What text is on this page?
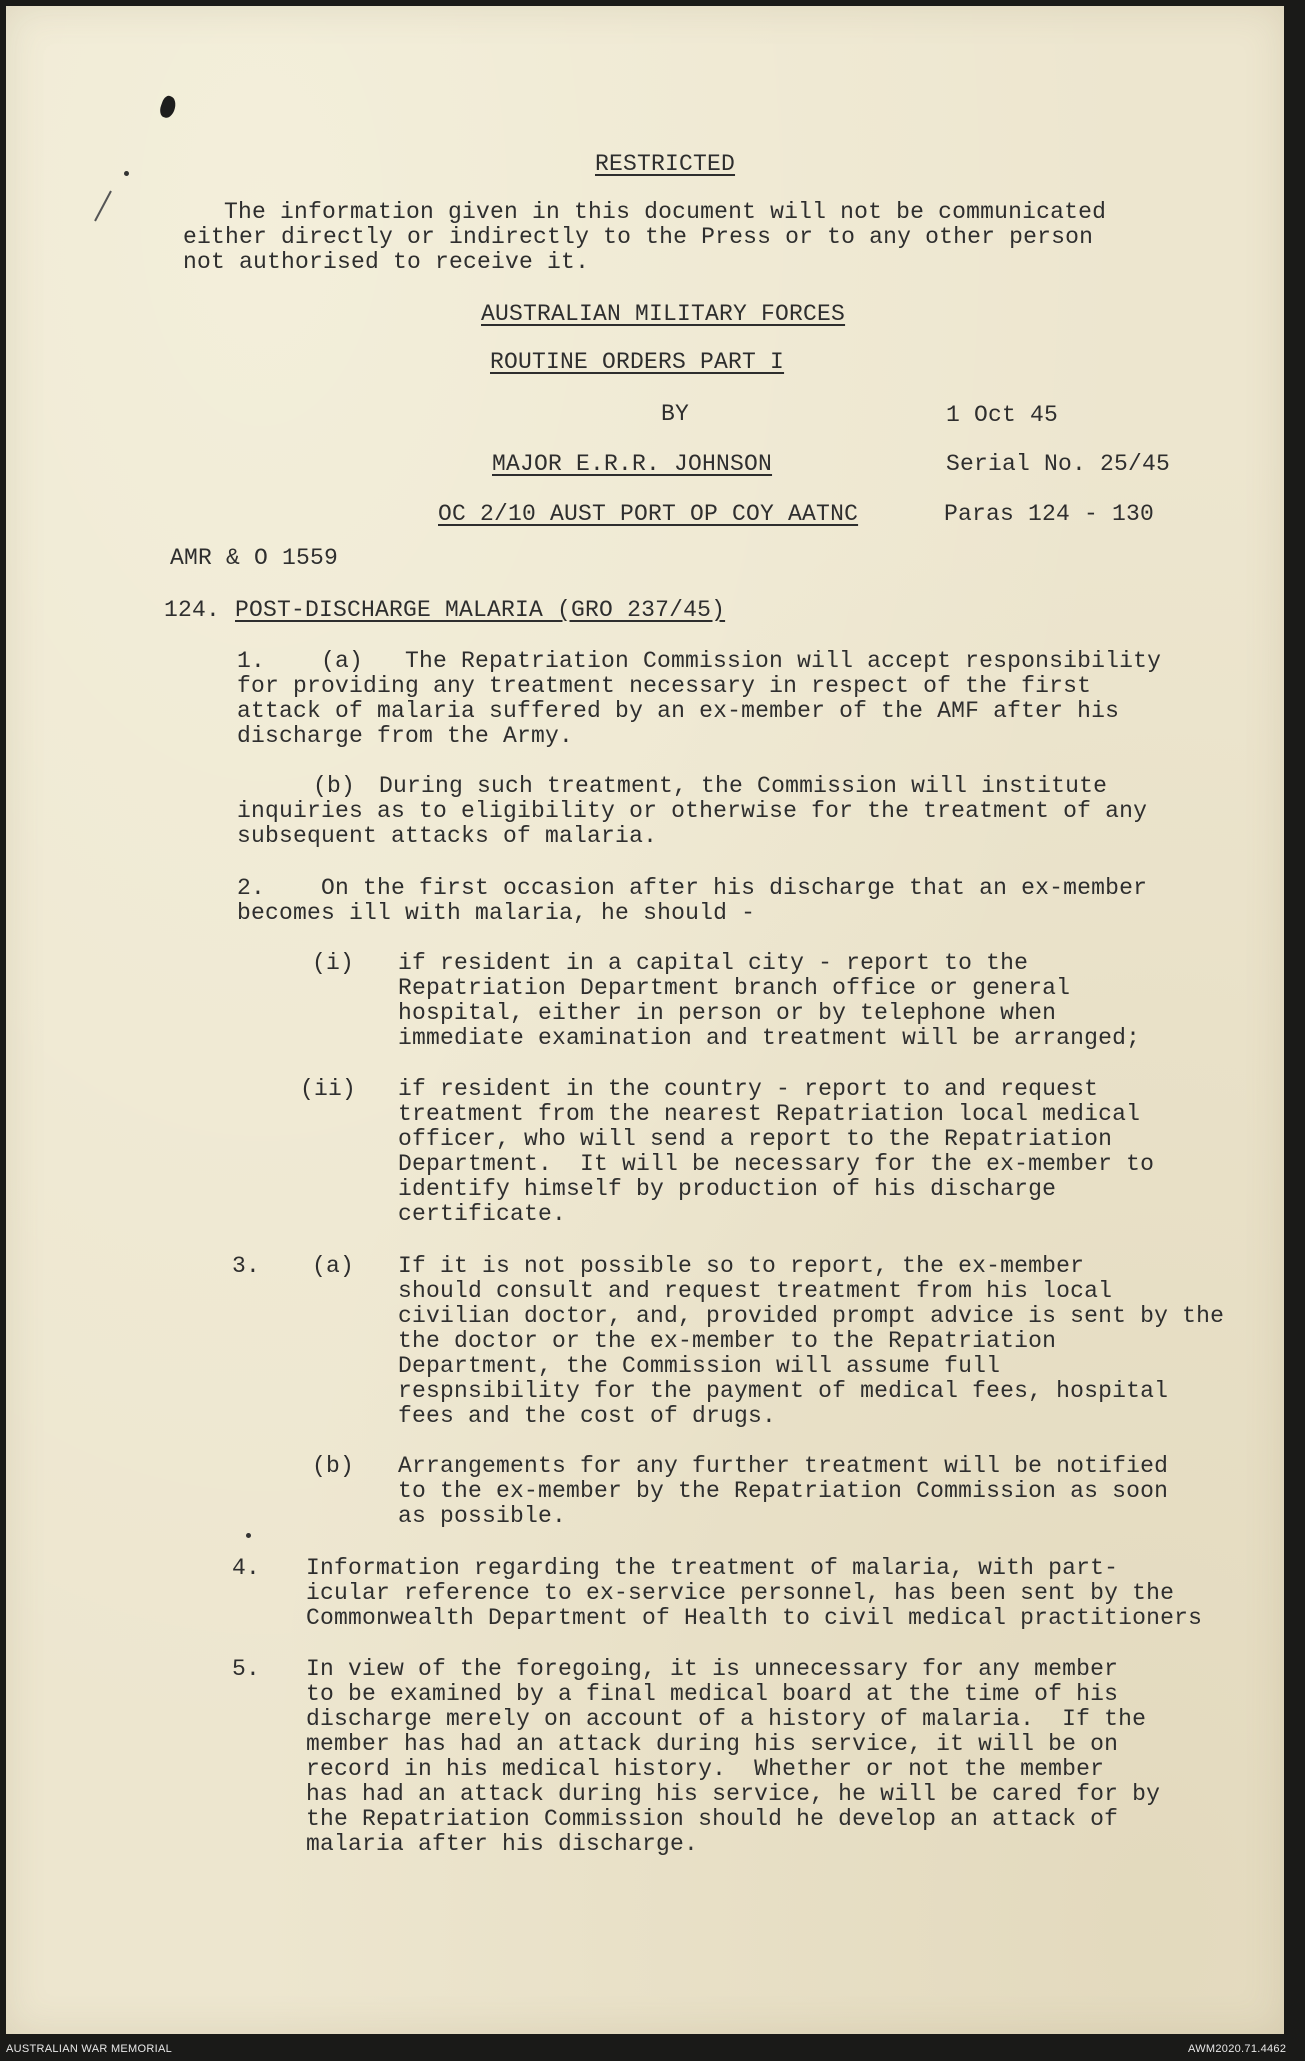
RESTRICTED
The information given in this document will not be communicated
either directly or indirectly to the Press or to any other person
not authorised to receive it.
AUSTRALIAN MILITARY FORCES
ROUTINE ORDERS PART I
BY	1 Oct 45
MAJOR E.R.R. JOHNSON	Serial No. 25/45
OC 2/10 AUST PORT OP COY AATNC	Paras 124 - 130
AMR & O 1559
124. POST-DISCHARGE MALARIA (GRO 237/45)
1.    (a) The Repatriation Commission will accept responsibility
for providing any treatment necessary in respect of the first
attack of malaria suffered by an ex-member of the AMF after his
discharge from the Army.
(b) During such treatment, the Commission will institute
inquiries as to eligibility or otherwise for the treatment of any
subsequent attacks of malaria.
2.    On the first occasion after his discharge that an ex-member
becomes ill with malaria, he should -
(i) if resident in a capital city - report to the
Repatriation Department branch office or general
hospital, either in person or by telephone when
immediate examination and treatment will be arranged;
(ii) if resident in the country - report to and request
treatment from the nearest Repatriation local medical
officer, who will send a report to the Repatriation
Department.  It will be necessary for the ex-member to
identify himself by production of his discharge
certificate.
3. (a) If it is not possible so to report, the ex-member
should consult and request treatment from his local
civilian doctor, and, provided prompt advice is sent by the
the doctor or the ex-member to the Repatriation
Department, the Commission will assume full
respnsibility for the payment of medical fees, hospital
fees and the cost of drugs.
(b) Arrangements for any further treatment will be notified
to the ex-member by the Repatriation Commission as soon
as possible.
4. Information regarding the treatment of malaria, with part-
icular reference to ex-service personnel, has been sent by the
Commonwealth Department of Health to civil medical practitioners
5. In view of the foregoing, it is unnecessary for any member
to be examined by a final medical board at the time of his
discharge merely on account of a history of malaria.  If the
member has had an attack during his service, it will be on
record in his medical history.  Whether or not the member
has had an attack during his service, he will be cared for by
the Repatriation Commission should he develop an attack of
malaria after his discharge.
AUSTRALIAN WAR MEMORIAL	AWM2020.71.4462
